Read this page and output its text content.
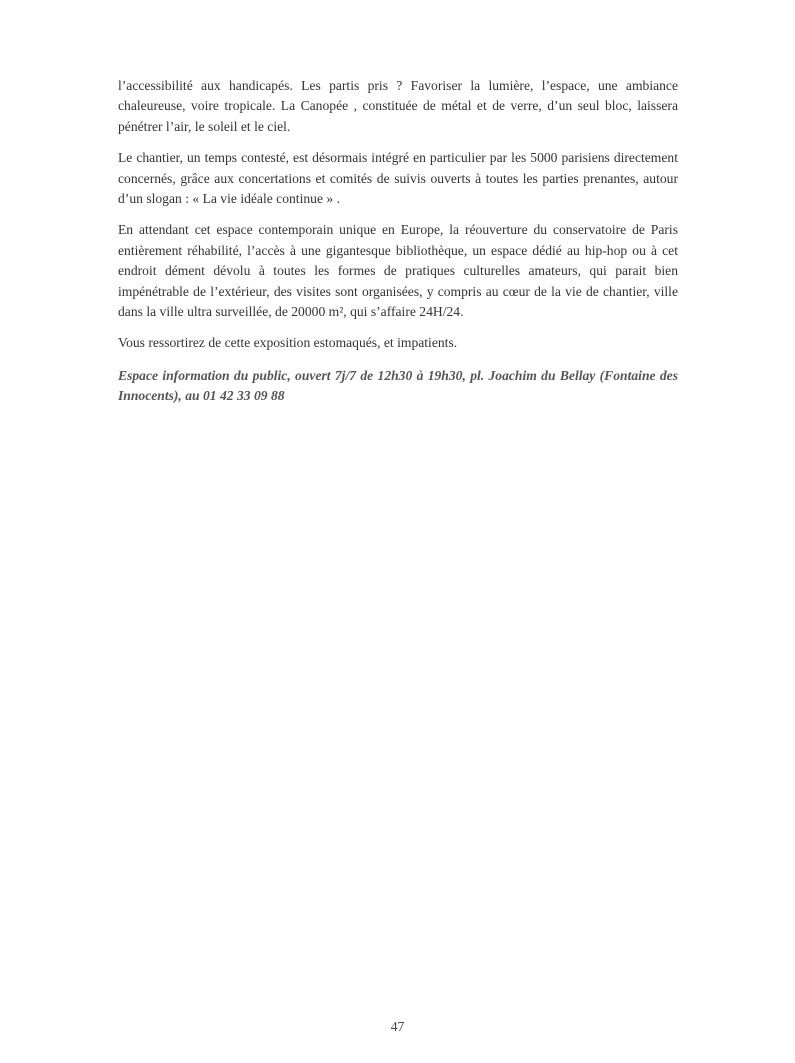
l’accessibilité aux handicapés. Les partis pris ? Favoriser la lumière, l’espace, une ambiance chaleureuse, voire tropicale. La Canopée , constituée de métal et de verre, d’un seul bloc, laissera pénétrer l’air, le soleil et le ciel.

Le chantier, un temps contesté, est désormais intégré en particulier par les 5000 parisiens directement concernés, grâce aux concertations et comités de suivis ouverts à toutes les parties prenantes, autour d’un slogan : « La vie idéale continue » .

En attendant cet espace contemporain unique en Europe, la réouverture du conservatoire de Paris entièrement réhabilité, l’accès à une gigantesque bibliothèque, un espace dédié au hip-hop ou à cet endroit dément dévolu à toutes les formes de pratiques culturelles amateurs, qui parait bien impénétrable de l’extérieur, des visites sont organisées, y compris au cœur de la vie de chantier, ville dans la ville ultra surveillée, de 20000 m², qui s’affaire 24H/24.

Vous ressortirez de cette exposition estomaqués, et impatients.

Espace information du public, ouvert 7j/7 de 12h30 à 19h30, pl. Joachim du Bellay (Fontaine des Innocents), au 01 42 33 09 88

47
